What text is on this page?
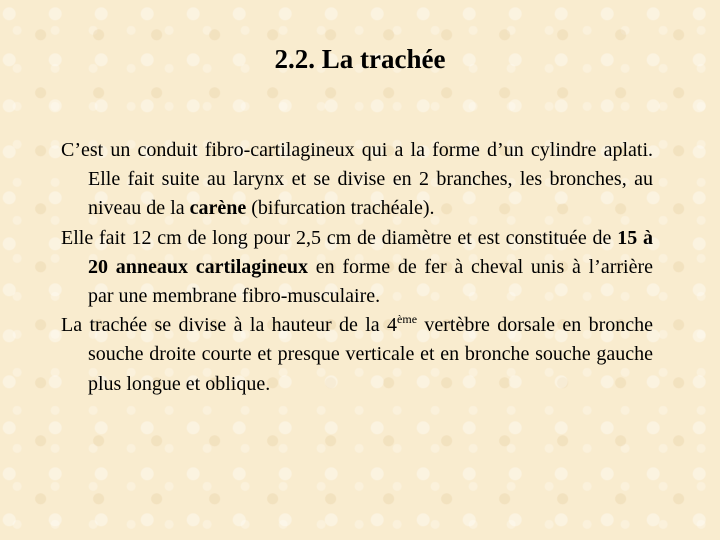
2.2. La trachée

C’est un conduit fibro-cartilagineux qui a la forme d’un cylindre aplati. Elle fait suite au larynx et se divise en 2 branches, les bronches, au niveau de la carène (bifurcation trachéale).

Elle fait 12 cm de long pour 2,5 cm de diamètre et est constituée de 15 à 20 anneaux cartilagineux en forme de fer à cheval unis à l’arrière par une membrane fibro-musculaire.

La trachée se divise à la hauteur de la 4ème vertèbre dorsale en bronche souche droite courte et presque verticale et en bronche souche gauche plus longue et oblique.
